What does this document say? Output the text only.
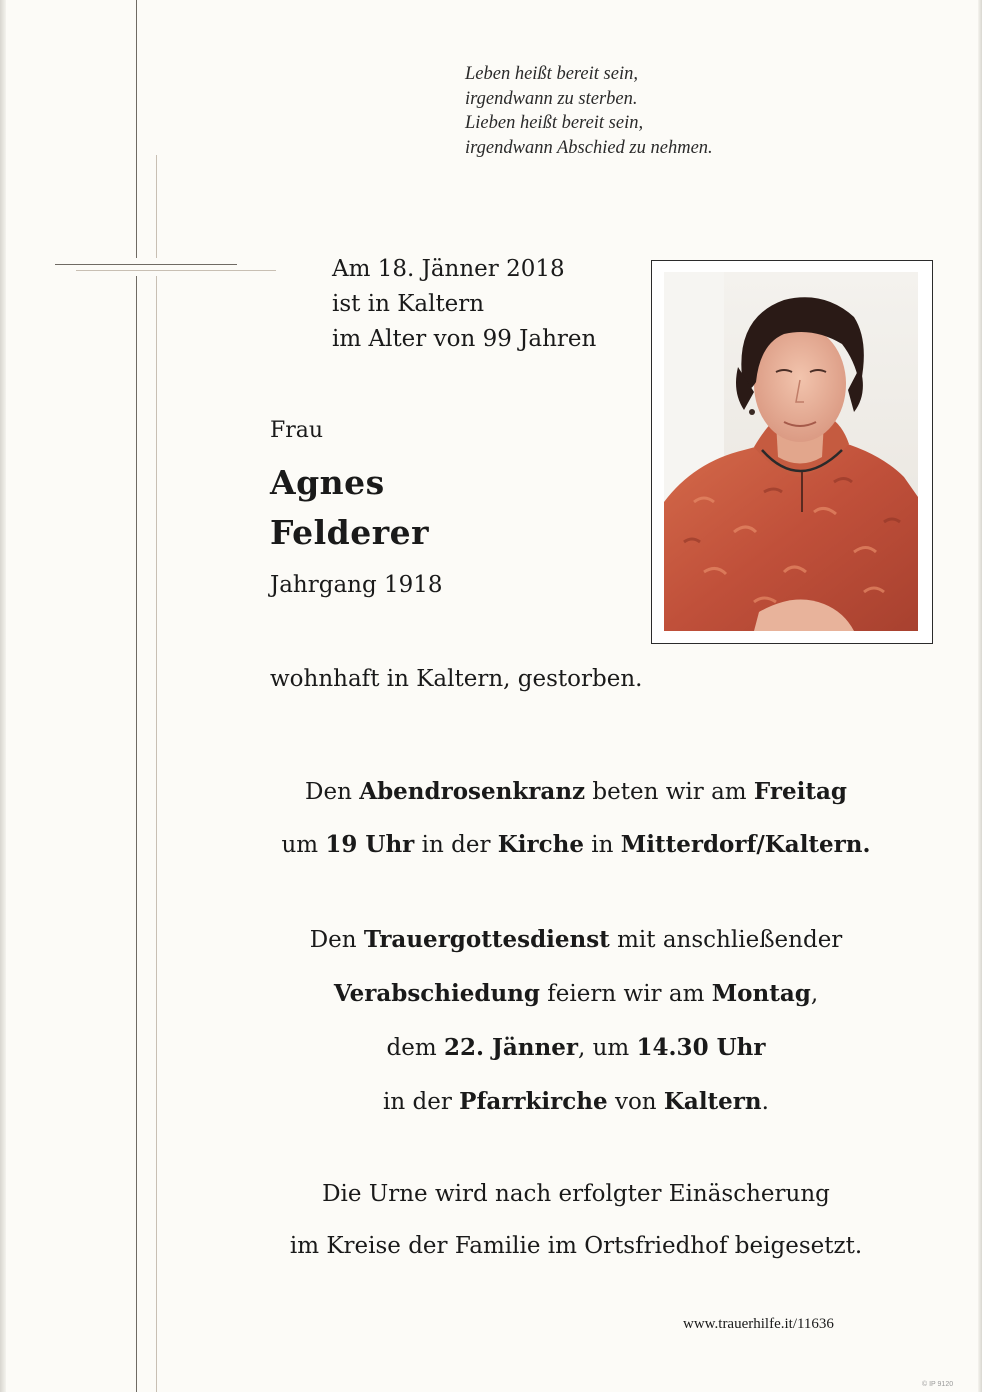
Leben heißt bereit sein,
irgendwann zu sterben.
Lieben heißt bereit sein,
irgendwann Abschied zu nehmen.
Am 18. Jänner 2018
ist in Kaltern
im Alter von 99 Jahren
Frau
Agnes
Felderer
Jahrgang 1918
wohnhaft in Kaltern, gestorben.
Den Abendrosenkranz beten wir am Freitag
um 19 Uhr in der Kirche in Mitterdorf/Kaltern.
Den Trauergottesdienst mit anschließender
Verabschiedung feiern wir am Montag,
dem 22. Jänner, um 14.30 Uhr
in der Pfarrkirche von Kaltern.
Die Urne wird nach erfolgter Einäscherung
im Kreise der Familie im Ortsfriedhof beigesetzt.
www.trauerhilfe.it/11636
© IP 9120
